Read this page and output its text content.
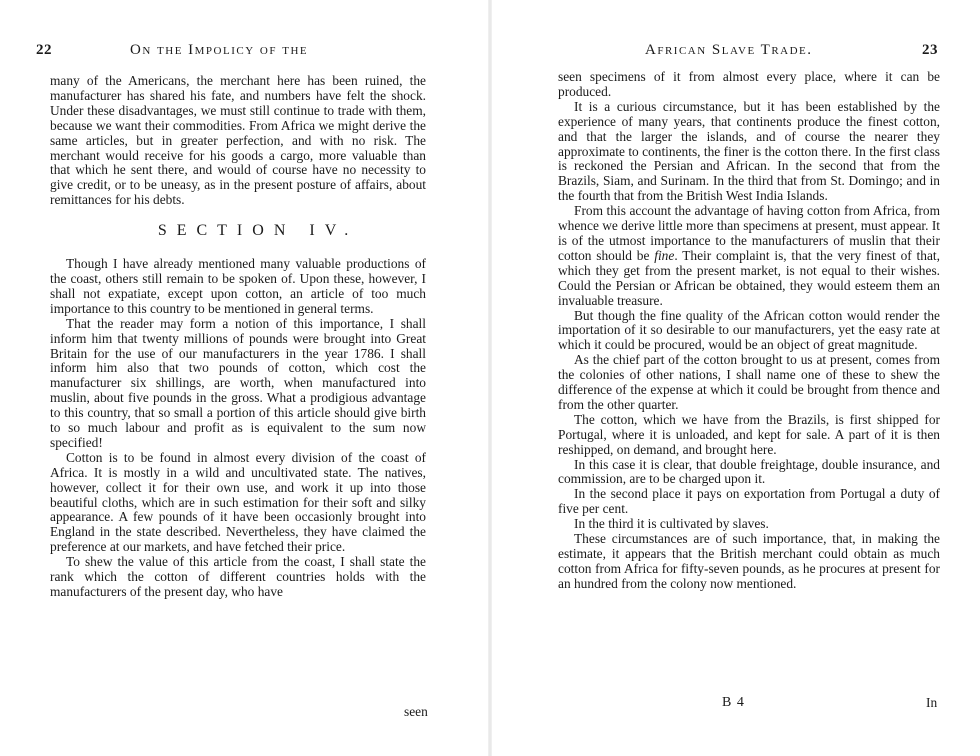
22	On the Impolicy of the

many of the Americans, the merchant here has been ruined, the manufacturer has shared his fate, and numbers have felt the shock. Under these disadvantages, we must still continue to trade with them, because we want their commodities. From Africa we might derive the same articles, but in greater perfection, and with no risk. The merchant would receive for his goods a cargo, more valuable than that which he sent there, and would of course have no necessity to give credit, or to be uneasy, as in the present posture of affairs, about remittances for his debts.

SECTION IV.

Though I have already mentioned many valuable productions of the coast, others still remain to be spoken of. Upon these, however, I shall not expatiate, except upon cotton, an article of too much importance to this country to be mentioned in general terms.

That the reader may form a notion of this importance, I shall inform him that twenty millions of pounds were brought into Great Britain for the use of our manufacturers in the year 1786. I shall inform him also that two pounds of cotton, which cost the manufacturer six shillings, are worth, when manufactured into muslin, about five pounds in the gross. What a prodigious advantage to this country, that so small a portion of this article should give birth to so much labour and profit as is equivalent to the sum now specified!

Cotton is to be found in almost every division of the coast of Africa. It is mostly in a wild and uncultivated state. The natives, however, collect it for their own use, and work it up into those beautiful cloths, which are in such estimation for their soft and silky appearance. A few pounds of it have been occasionly brought into England in the state described. Nevertheless, they have claimed the preference at our markets, and have fetched their price.

To shew the value of this article from the coast, I shall state the rank which the cotton of different countries holds with the manufacturers of the present day, who have

seen
African Slave Trade.	23

seen specimens of it from almost every place, where it can be produced.

It is a curious circumstance, but it has been established by the experience of many years, that continents produce the finest cotton, and that the larger the islands, and of course the nearer they approximate to continents, the finer is the cotton there. In the first class is reckoned the Persian and African. In the second that from the Brazils, Siam, and Surinam. In the third that from St. Domingo; and in the fourth that from the British West India Islands.

From this account the advantage of having cotton from Africa, from whence we derive little more than specimens at present, must appear. It is of the utmost importance to the manufacturers of muslin that their cotton should be fine. Their complaint is, that the very finest of that, which they get from the present market, is not equal to their wishes. Could the Persian or African be obtained, they would esteem them an invaluable treasure.

But though the fine quality of the African cotton would render the importation of it so desirable to our manufacturers, yet the easy rate at which it could be procured, would be an object of great magnitude.

As the chief part of the cotton brought to us at present, comes from the colonies of other nations, I shall name one of these to shew the difference of the expense at which it could be brought from thence and from the other quarter.

The cotton, which we have from the Brazils, is first shipped for Portugal, where it is unloaded, and kept for sale. A part of it is then reshipped, on demand, and brought here.

In this case it is clear, that double freightage, double insurance, and commission, are to be charged upon it.

In the second place it pays on exportation from Portugal a duty of five per cent.

In the third it is cultivated by slaves.

These circumstances are of such importance, that, in making the estimate, it appears that the British merchant could obtain as much cotton from Africa for fifty-seven pounds, as he procures at present for an hundred from the colony now mentioned.

B 4	In
